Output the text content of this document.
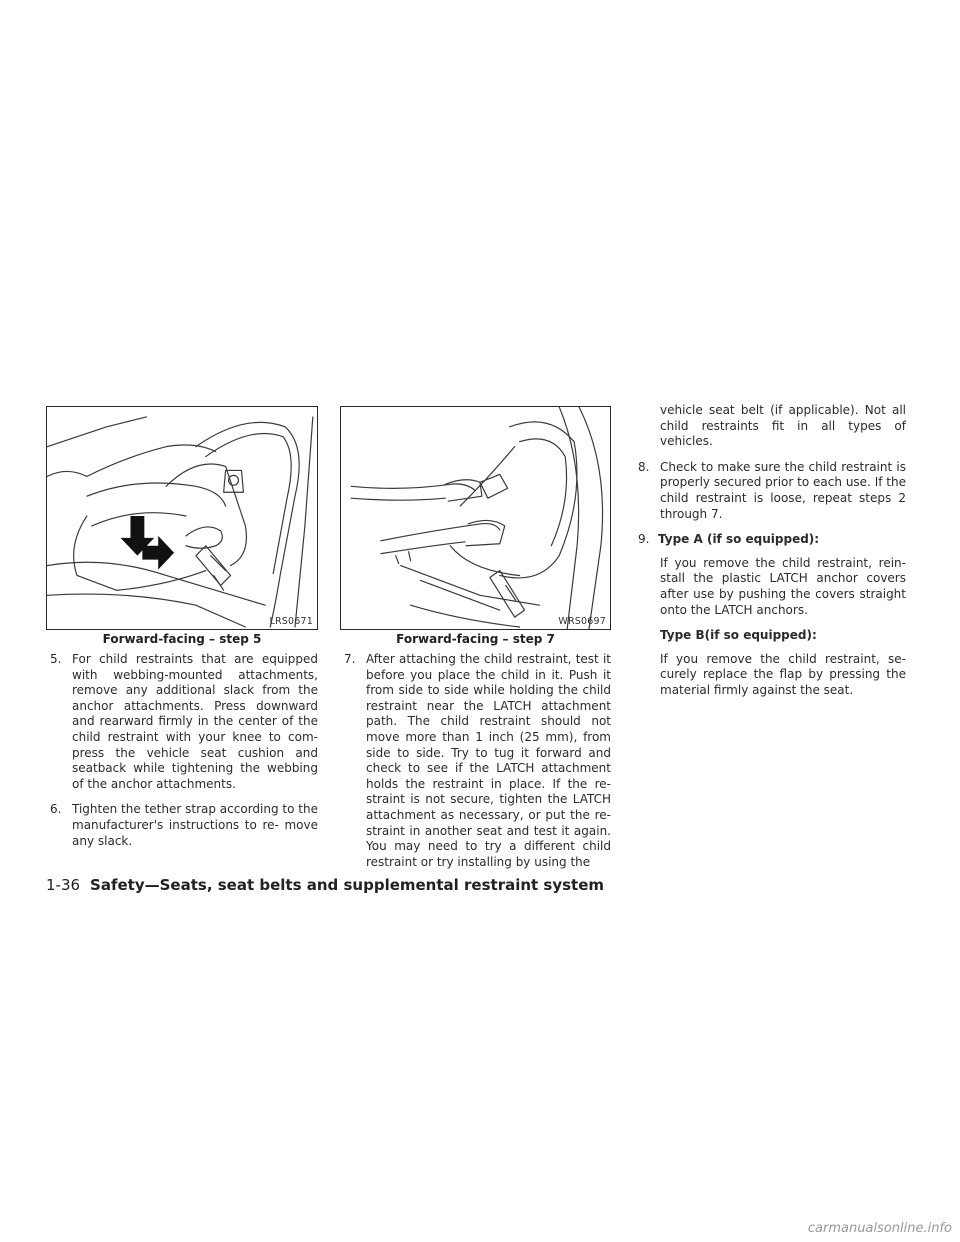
LRS0671
Forward-facing – step 5
WRS0697
Forward-facing – step 7
5. For child restraints that are equipped with webbing-mounted attachments, remove any additional slack from the anchor attachments. Press downward and rearward firmly in the center of the child restraint with your knee to com- press the vehicle seat cushion and seatback while tightening the webbing of the anchor attachments.

6. Tighten the tether strap according to the manufacturer's instructions to re- move any slack.

7. After attaching the child restraint, test it before you place the child in it. Push it from side to side while holding the child restraint near the LATCH attachment path. The child restraint should not move more than 1 inch (25 mm), from side to side. Try to tug it forward and check to see if the LATCH attachment holds the restraint in place. If the re- straint is not secure, tighten the LATCH attachment as necessary, or put the re- straint in another seat and test it again. You may need to try a different child restraint or try installing by using the

vehicle seat belt (if applicable). Not all child restraints fit in all types of vehicles.

8. Check to make sure the child restraint is properly secured prior to each use. If the child restraint is loose, repeat steps 2 through 7.

9. Type A (if so equipped):

If you remove the child restraint, rein- stall the plastic LATCH anchor covers after use by pushing the covers straight onto the LATCH anchors.

Type B(if so equipped):

If you remove the child restraint, se- curely replace the flap by pressing the material firmly against the seat.

1-36 Safety—Seats, seat belts and supplemental restraint system
carmanualsonline.info
